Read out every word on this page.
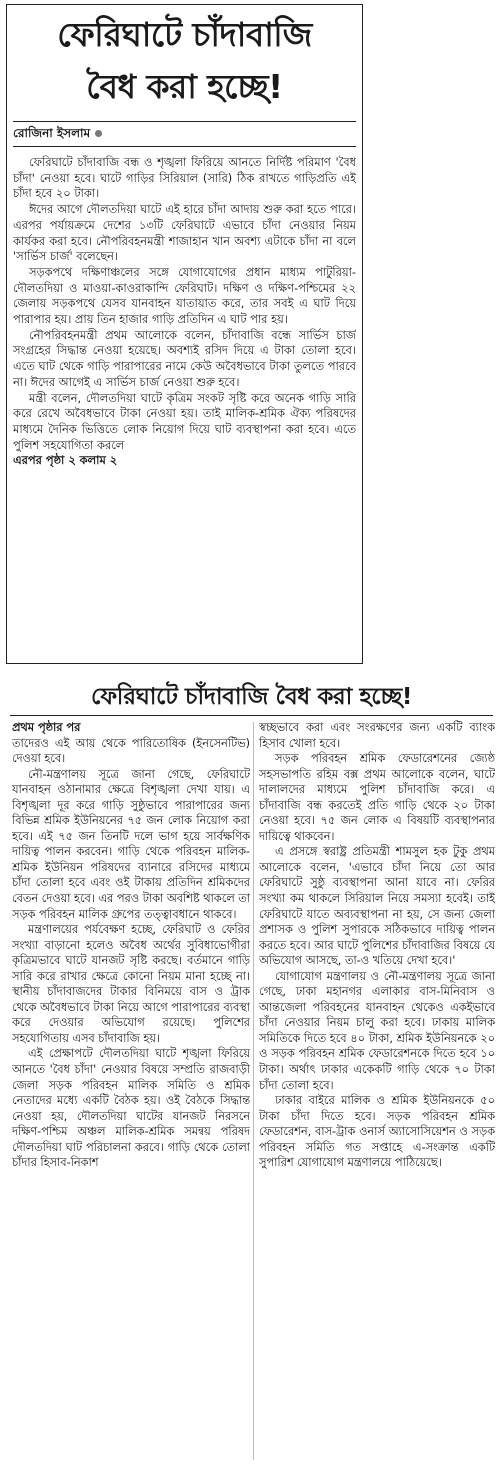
ফেরিঘাটে চাঁদাবাজি
বৈধ করা হচ্ছে!
রোজিনা ইসলাম

ফেরিঘাটে চাঁদাবাজি বন্ধ ও শৃঙ্খলা ফিরিয়ে আনতে নির্দিষ্ট পরিমাণ 'বৈধ চাঁদা' নেওয়া হবে। ঘাটে গাড়ির সিরিয়াল (সারি) ঠিক রাখতে গাড়িপ্রতি এই চাঁদা হবে ২০ টাকা।

ঈদের আগে দৌলতদিয়া ঘাটে এই হারে চাঁদা আদায় শুরু করা হতে পারে। এরপর পর্যায়ক্রমে দেশের ১৩টি ফেরিঘাটে এভাবে চাঁদা নেওয়ার নিয়ম কার্যকর করা হবে। নৌপরিবহনমন্ত্রী শাজাহান খান অবশ্য এটাকে চাঁদা না বলে 'সার্ভিস চার্জ' বলেছেন।

সড়কপথে দক্ষিণাঞ্চলের সঙ্গে যোগাযোগের প্রধান মাধ্যম পাটুরিয়া-দৌলতদিয়া ও মাওয়া-কাওরাকান্দি ফেরিঘাট। দক্ষিণ ও দক্ষিণ-পশ্চিমের ২২ জেলায় সড়কপথে যেসব যানবাহন যাতায়াত করে, তার সবই এ ঘাট দিয়ে পারাপার হয়। প্রায় তিন হাজার গাড়ি প্রতিদিন এ ঘাট পার হয়।

নৌপরিবহনমন্ত্রী প্রথম আলোকে বলেন, চাঁদাবাজি বন্ধে সার্ভিস চার্জ সংগ্রহের সিদ্ধান্ত নেওয়া হয়েছে। অবশ্যই রসিদ দিয়ে এ টাকা তোলা হবে। এতে ঘাট থেকে গাড়ি পারাপারের নামে কেউ অবৈধভাবে টাকা তুলতে পারবে না। ঈদের আগেই এ সার্ভিস চার্জ নেওয়া শুরু হবে।

মন্ত্রী বলেন, দৌলতদিয়া ঘাটে কৃত্রিম সংকট সৃষ্টি করে অনেক গাড়ি সারি করে রেখে অবৈধভাবে টাকা নেওয়া হয়। তাই মালিক-শ্রমিক ঐক্য পরিষদের মাধ্যমে দৈনিক ভিত্তিতে লোক নিয়োগ দিয়ে ঘাট ব্যবস্থাপনা করা হবে। এতে পুলিশ সহযোগিতা করলে

এরপর পৃষ্ঠা ২ কলাম ২

ফেরিঘাটে চাঁদাবাজি বৈধ করা হচ্ছে!

প্রথম পৃষ্ঠার পর

তাদেরও এই আয় থেকে পারিতোষিক (ইনসেনটিভ) দেওয়া হবে।

নৌ-মন্ত্রণালয় সূত্রে জানা গেছে, ফেরিঘাটে যানবাহন ওঠানামার ক্ষেত্রে বিশৃঙ্খলা দেখা যায়। এ বিশৃঙ্খলা দূর করে গাড়ি সুষ্ঠুভাবে পারাপারের জন্য বিভিন্ন শ্রমিক ইউনিয়নের ৭৫ জন লোক নিয়োগ করা হবে। এই ৭৫ জন তিনটি দলে ভাগ হয়ে সার্বক্ষণিক দায়িত্ব পালন করবেন। গাড়ি থেকে পরিবহন মালিক-শ্রমিক ইউনিয়ন পরিষদের ব্যানারে রসিদের মাধ্যমে চাঁদা তোলা হবে এবং ওই টাকায় প্রতিদিন শ্রমিকদের বেতন দেওয়া হবে। এর পরও টাকা অবশিষ্ট থাকলে তা সড়ক পরিবহন মালিক গ্রুপের তত্ত্বাবধানে থাকবে।

মন্ত্রণালয়ের পর্যবেক্ষণ হচ্ছে, ফেরিঘাট ও ফেরির সংখ্যা বাড়ানো হলেও অবৈধ অর্থের সুবিধাভোগীরা কৃত্রিমভাবে ঘাটে যানজট সৃষ্টি করছে। বর্তমানে গাড়ি সারি করে রাখার ক্ষেত্রে কোনো নিয়ম মানা হচ্ছে না। স্থানীয় চাঁদাবাজদের টাকার বিনিময়ে বাস ও ট্রাক থেকে অবৈধভাবে টাকা নিয়ে আগে পারাপারের ব্যবস্থা করে দেওয়ার অভিযোগ রয়েছে। পুলিশের সহযোগিতায় এসব চাঁদাবাজি হয়।

এই প্রেক্ষাপটে দৌলতদিয়া ঘাটে শৃঙ্খলা ফিরিয়ে আনতে 'বৈধ চাঁদা' নেওয়ার বিষয়ে সম্প্রতি রাজবাড়ী জেলা সড়ক পরিবহন মালিক সমিতি ও শ্রমিক নেতাদের মধ্যে একটি বৈঠক হয়। ওই বৈঠকে সিদ্ধান্ত নেওয়া হয়, দৌলতদিয়া ঘাটের যানজট নিরসনে দক্ষিণ-পশ্চিম অঞ্চল মালিক-শ্রমিক সমন্বয় পরিষদ দৌলতদিয়া ঘাট পরিচালনা করবে। গাড়ি থেকে তোলা চাঁদার হিসাব-নিকাশ

স্বচ্ছভাবে করা এবং সংরক্ষণের জন্য একটি ব্যাংক হিসাব খোলা হবে।

সড়ক পরিবহন শ্রমিক ফেডারেশনের জ্যেষ্ঠ সহসভাপতি রহিম বক্স প্রথম আলোকে বলেন, ঘাটে দালালদের মাধ্যমে পুলিশ চাঁদাবাজি করে। এ চাঁদাবাজি বন্ধ করতেই প্রতি গাড়ি থেকে ২০ টাকা নেওয়া হবে। ৭৫ জন লোক এ বিষয়টি ব্যবস্থাপনার দায়িত্বে থাকবেন।

এ প্রসঙ্গে স্বরাষ্ট্র প্রতিমন্ত্রী শামসুল হক টুকু প্রথম আলোকে বলেন, 'এভাবে চাঁদা নিয়ে তো আর ফেরিঘাটে সুষ্ঠু ব্যবস্থাপনা আনা যাবে না। ফেরির সংখ্যা কম থাকলে সিরিয়াল নিয়ে সমস্যা হবেই। তাই ফেরিঘাটে যাতে অব্যবস্থাপনা না হয়, সে জন্য জেলা প্রশাসক ও পুলিশ সুপারকে সঠিকভাবে দায়িত্ব পালন করতে হবে। আর ঘাটে পুলিশের চাঁদাবাজির বিষয়ে যে অভিযোগ আসছে, তা-ও খতিয়ে দেখা হবে।'

যোগাযোগ মন্ত্রণালয় ও নৌ-মন্ত্রণালয় সূত্রে জানা গেছে, ঢাকা মহানগর এলাকার বাস-মিনিবাস ও আন্তজেলা পরিবহনের যানবাহন থেকেও একইভাবে চাঁদা নেওয়ার নিয়ম চালু করা হবে। ঢাকায় মালিক সমিতিকে দিতে হবে ৪০ টাকা, শ্রমিক ইউনিয়নকে ২০ ও সড়ক পরিবহন শ্রমিক ফেডারেশনকে দিতে হবে ১০ টাকা। অর্থাৎ ঢাকার একেকটি গাড়ি থেকে ৭০ টাকা চাঁদা তোলা হবে।

ঢাকার বাইরে মালিক ও শ্রমিক ইউনিয়নকে ৫০ টাকা চাঁদা দিতে হবে। সড়ক পরিবহন শ্রমিক ফেডারেশন, বাস-ট্রাক ওনার্স অ্যাসোসিয়েশন ও সড়ক পরিবহন সমিতি গত সপ্তাহে এ-সংক্রান্ত একটি সুপারিশ যোগাযোগ মন্ত্রণালয়ে পাঠিয়েছে।
